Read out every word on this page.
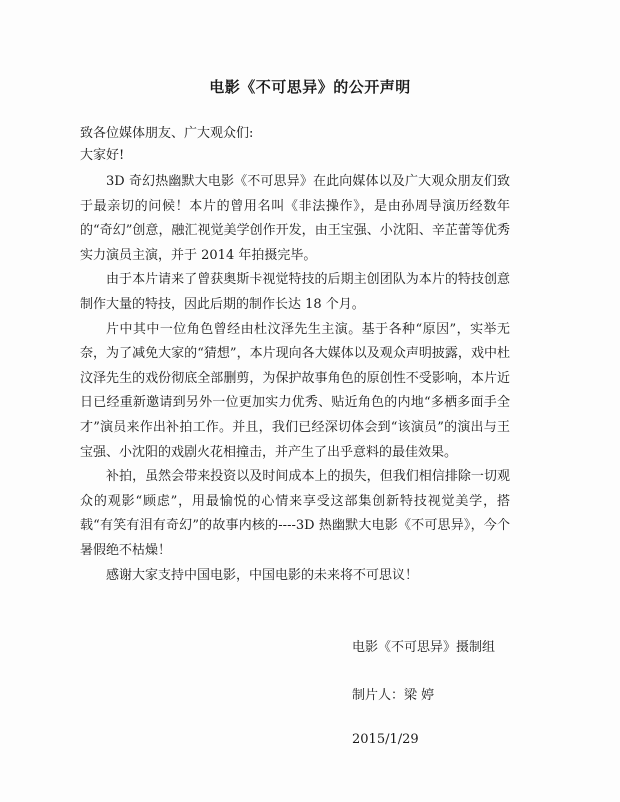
电影《不可思异》的公开声明
致各位媒体朋友、广大观众们:
大家好!

3D 奇幻热幽默大电影《不可思异》在此向媒体以及广大观众朋友们致于最亲切的问候！本片的曾用名叫《非法操作》，是由孙周导演历经数年的“奇幻”创意，融汇视觉美学创作开发，由王宝强、小沈阳、辛芷蕾等优秀实力演员主演，并于 2014 年拍摄完毕。

由于本片请来了曾获奥斯卡视觉特技的后期主创团队为本片的特技创意制作大量的特技，因此后期的制作长达 18 个月。

片中其中一位角色曾经由杜汶泽先生主演。基于各种“原因”，实举无奈，为了减免大家的“猜想”，本片现向各大媒体以及观众声明披露，戏中杜汶泽先生的戏份彻底全部删剪，为保护故事角色的原创性不受影响，本片近日已经重新邀请到另外一位更加实力优秀、贴近角色的内地“多栖多面手全才”演员来作出补拍工作。并且，我们已经深切体会到“该演员”的演出与王宝强、小沈阳的戏剧火花相撞击，并产生了出乎意料的最佳效果。

补拍，虽然会带来投资以及时间成本上的损失，但我们相信排除一切观众的观影“顾虑”，用最愉悦的心情来享受这部集创新特技视觉美学，搭载“有笑有泪有奇幻”的故事内核的----3D 热幽默大电影《不可思异》，今个暑假绝不枯燥！

感谢大家支持中国电影，中国电影的未来将不可思议！

电影《不可思异》摄制组
制片人：梁 婷
2015/1/29
